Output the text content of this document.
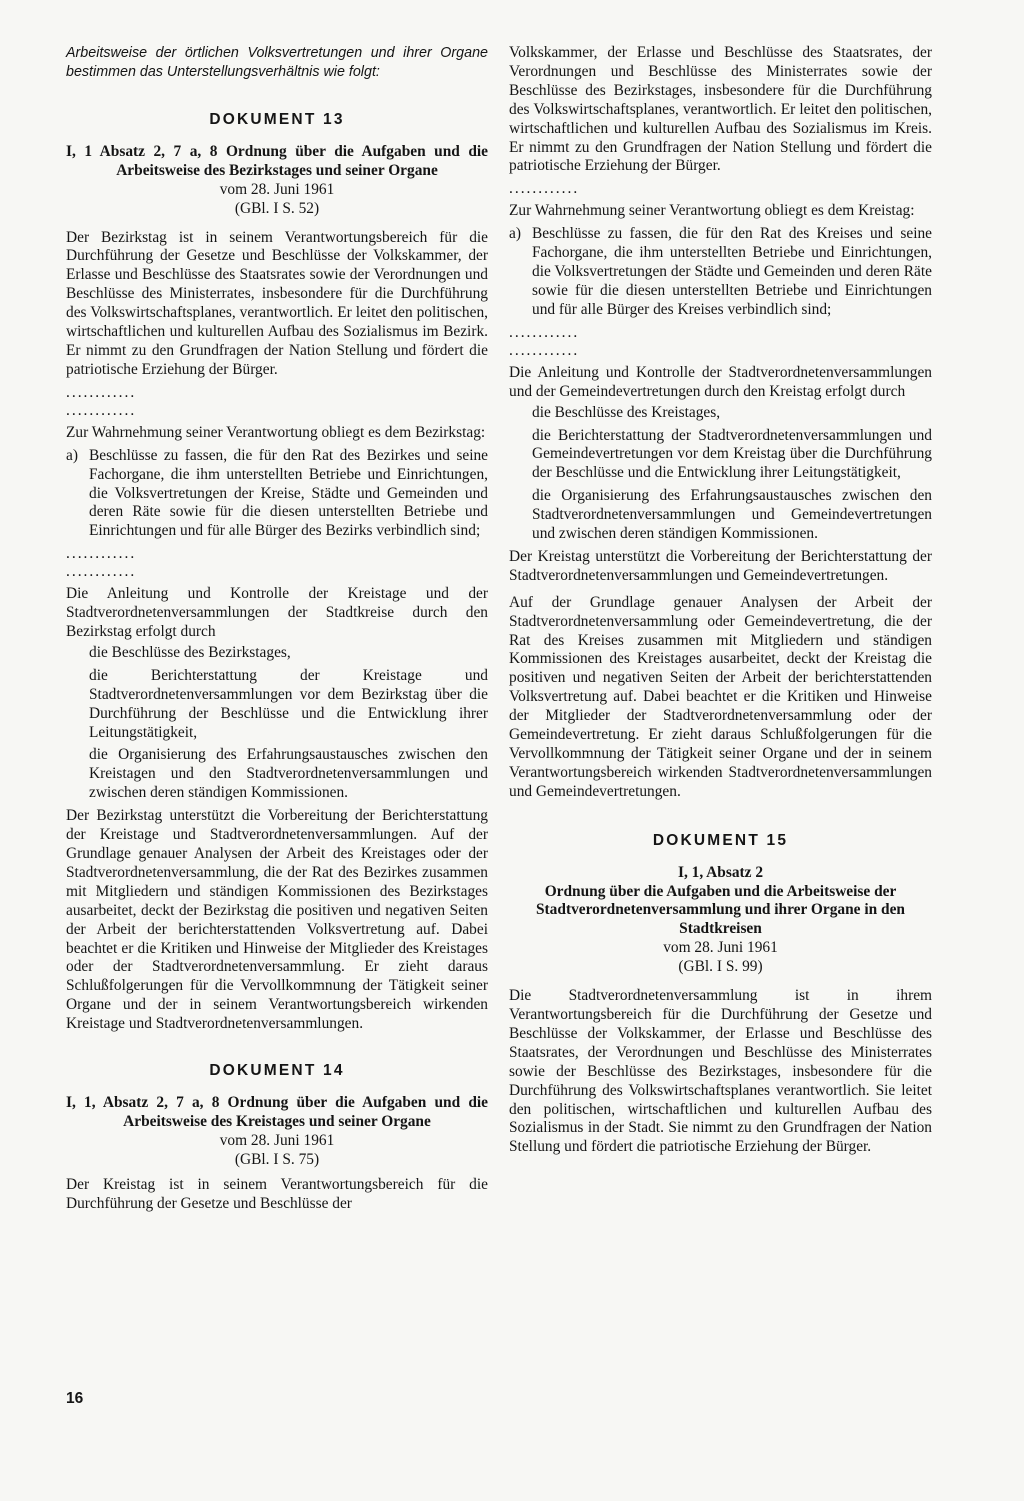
Arbeitsweise der örtlichen Volksvertretungen und ihrer Organe bestimmen das Unterstellungsverhältnis wie folgt:

DOKUMENT 13

I, 1 Absatz 2, 7 a, 8 Ordnung über die Aufgaben und die Arbeitsweise des Bezirkstages und seiner Organe

vom 28. Juni 1961

(GBl. I S. 52)

Der Bezirkstag ist in seinem Verantwortungsbereich für die Durchführung der Gesetze und Beschlüsse der Volkskammer, der Erlasse und Beschlüsse des Staatsrates sowie der Verordnungen und Beschlüsse des Ministerrates, insbesondere für die Durchführung des Volkswirtschaftsplanes, verantwortlich. Er leitet den politischen, wirtschaftlichen und kulturellen Aufbau des Sozialismus im Bezirk. Er nimmt zu den Grundfragen der Nation Stellung und fördert die patriotische Erziehung der Bürger.

............

............

Zur Wahrnehmung seiner Verantwortung obliegt es dem Bezirkstag:

a) Beschlüsse zu fassen, die für den Rat des Bezirkes und seine Fachorgane, die ihm unterstellten Betriebe und Einrichtungen, die Volksvertretungen der Kreise, Städte und Gemeinden und deren Räte sowie für die diesen unterstellten Betriebe und Einrichtungen und für alle Bürger des Bezirks verbindlich sind;

............

............

Die Anleitung und Kontrolle der Kreistage und der Stadtverordnetenversammlungen der Stadtkreise durch den Bezirkstag erfolgt durch

die Beschlüsse des Bezirkstages,

die Berichterstattung der Kreistage und Stadtverordnetenversammlungen vor dem Bezirkstag über die Durchführung der Beschlüsse und die Entwicklung ihrer Leitungstätigkeit,

die Organisierung des Erfahrungsaustausches zwischen den Kreistagen und den Stadtverordnetenversammlungen und zwischen deren ständigen Kommissionen.

Der Bezirkstag unterstützt die Vorbereitung der Berichterstattung der Kreistage und Stadtverordnetenversammlungen. Auf der Grundlage genauer Analysen der Arbeit des Kreistages oder der Stadtverordnetenversammlung, die der Rat des Bezirkes zusammen mit Mitgliedern und ständigen Kommissionen des Bezirkstages ausarbeitet, deckt der Bezirkstag die positiven und negativen Seiten der Arbeit der berichterstattenden Volksvertretung auf. Dabei beachtet er die Kritiken und Hinweise der Mitglieder des Kreistages oder der Stadtverordnetenversammlung. Er zieht daraus Schlußfolgerungen für die Vervollkommnung der Tätigkeit seiner Organe und der in seinem Verantwortungsbereich wirkenden Kreistage und Stadtverordnetenversammlungen.

DOKUMENT 14

I, 1, Absatz 2, 7 a, 8 Ordnung über die Aufgaben und die Arbeitsweise des Kreistages und seiner Organe

vom 28. Juni 1961

(GBl. I S. 75)

Der Kreistag ist in seinem Verantwortungsbereich für die Durchführung der Gesetze und Beschlüsse der

Volkskammer, der Erlasse und Beschlüsse des Staatsrates, der Verordnungen und Beschlüsse des Ministerrates sowie der Beschlüsse des Bezirkstages, insbesondere für die Durchführung des Volkswirtschaftsplanes, verantwortlich. Er leitet den politischen, wirtschaftlichen und kulturellen Aufbau des Sozialismus im Kreis. Er nimmt zu den Grundfragen der Nation Stellung und fördert die patriotische Erziehung der Bürger.

............

Zur Wahrnehmung seiner Verantwortung obliegt es dem Kreistag:

a) Beschlüsse zu fassen, die für den Rat des Kreises und seine Fachorgane, die ihm unterstellten Betriebe und Einrichtungen, die Volksvertretungen der Städte und Gemeinden und deren Räte sowie für die diesen unterstellten Betriebe und Einrichtungen und für alle Bürger des Kreises verbindlich sind;

............

............

Die Anleitung und Kontrolle der Stadtverordnetenversammlungen und der Gemeindevertretungen durch den Kreistag erfolgt durch

die Beschlüsse des Kreistages,

die Berichterstattung der Stadtverordnetenversammlungen und Gemeindevertretungen vor dem Kreistag über die Durchführung der Beschlüsse und die Entwicklung ihrer Leitungstätigkeit,

die Organisierung des Erfahrungsaustausches zwischen den Stadtverordnetenversammlungen und Gemeindevertretungen und zwischen deren ständigen Kommissionen.

Der Kreistag unterstützt die Vorbereitung der Berichterstattung der Stadtverordnetenversammlungen und Gemeindevertretungen.

Auf der Grundlage genauer Analysen der Arbeit der Stadtverordnetenversammlung oder Gemeindevertretung, die der Rat des Kreises zusammen mit Mitgliedern und ständigen Kommissionen des Kreistages ausarbeitet, deckt der Kreistag die positiven und negativen Seiten der Arbeit der berichterstattenden Volksvertretung auf. Dabei beachtet er die Kritiken und Hinweise der Mitglieder der Stadtverordnetenversammlung oder der Gemeindevertretung. Er zieht daraus Schlußfolgerungen für die Vervollkommnung der Tätigkeit seiner Organe und der in seinem Verantwortungsbereich wirkenden Stadtverordnetenversammlungen und Gemeindevertretungen.

DOKUMENT 15

I, 1, Absatz 2

Ordnung über die Aufgaben und die Arbeitsweise der Stadtverordnetenversammlung und ihrer Organe in den Stadtkreisen

vom 28. Juni 1961

(GBl. I S. 99)

Die Stadtverordnetenversammlung ist in ihrem Verantwortungsbereich für die Durchführung der Gesetze und Beschlüsse der Volkskammer, der Erlasse und Beschlüsse des Staatsrates, der Verordnungen und Beschlüsse des Ministerrates sowie der Beschlüsse des Bezirkstages, insbesondere für die Durchführung des Volkswirtschaftsplanes verantwortlich. Sie leitet den politischen, wirtschaftlichen und kulturellen Aufbau des Sozialismus in der Stadt. Sie nimmt zu den Grundfragen der Nation Stellung und fördert die patriotische Erziehung der Bürger.

16
